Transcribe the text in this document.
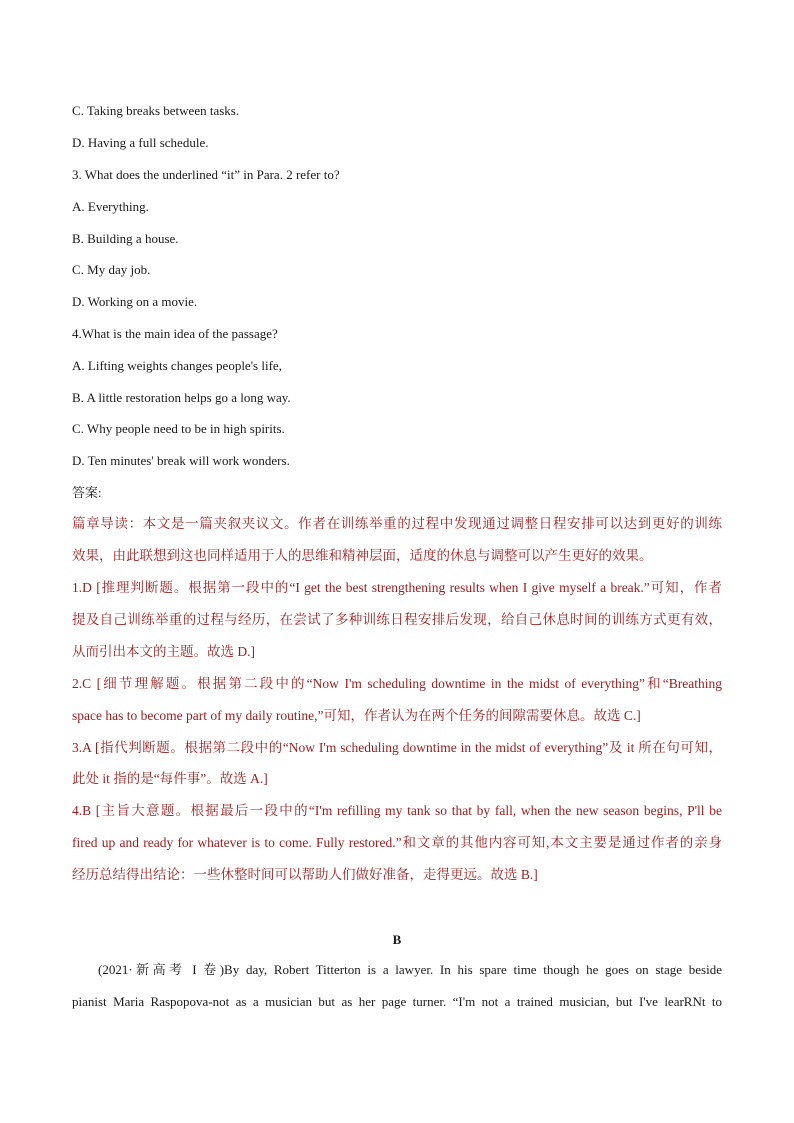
C. Taking breaks between tasks.
D. Having a full schedule.
3. What does the underlined “it” in Para. 2 refer to?
A. Everything.
B. Building a house.
C. My day job.
D. Working on a movie.
4.What is the main idea of the passage?
A. Lifting weights changes people's life,
B. A little restoration helps go a long way.
C. Why people need to be in high spirits.
D. Ten minutes' break will work wonders.
答案:
篇章导读：本文是一篇夹叙夹议文。作者在训练举重的过程中发现通过调整日程安排可以达到更好的训练
效果，由此联想到这也同样适用于人的思维和精神层面，适度的休息与调整可以产生更好的效果。
1.D [推理判断题。根据第一段中的“I get the best strengthening results when I give myself a break.”可知，作者
提及自己训练举重的过程与经历，在尝试了多种训练日程安排后发现，给自己休息时间的训练方式更有效，
从而引出本文的主题。故选 D.]
2.C [细节理解题。根据第二段中的“Now I'm scheduling downtime in the midst of everything”和“Breathing
space has to become part of my daily routine,”可知，作者认为在两个任务的间隙需要休息。故选 C.]
3.A [指代判断题。根据第二段中的“Now I'm scheduling downtime in the midst of everything”及 it 所在句可知，
此处 it 指的是“每件事”。故选 A.]
4.B [主旨大意题。根据最后一段中的“I'm refilling my tank so that by fall, when the new season begins, P'll be
fired up and ready for whatever is to come. Fully restored.”和文章的其他内容可知,本文主要是通过作者的亲身
经历总结得出结论：一些休整时间可以帮助人们做好准备，走得更远。故选 B.]
B
(2021·新高考 I 卷)By day, Robert Titterton is a lawyer. In his spare time though he goes on stage beside
pianist Maria Raspopova-not as a musician but as her page turner. “I'm not a trained musician, but I've learRNt to
